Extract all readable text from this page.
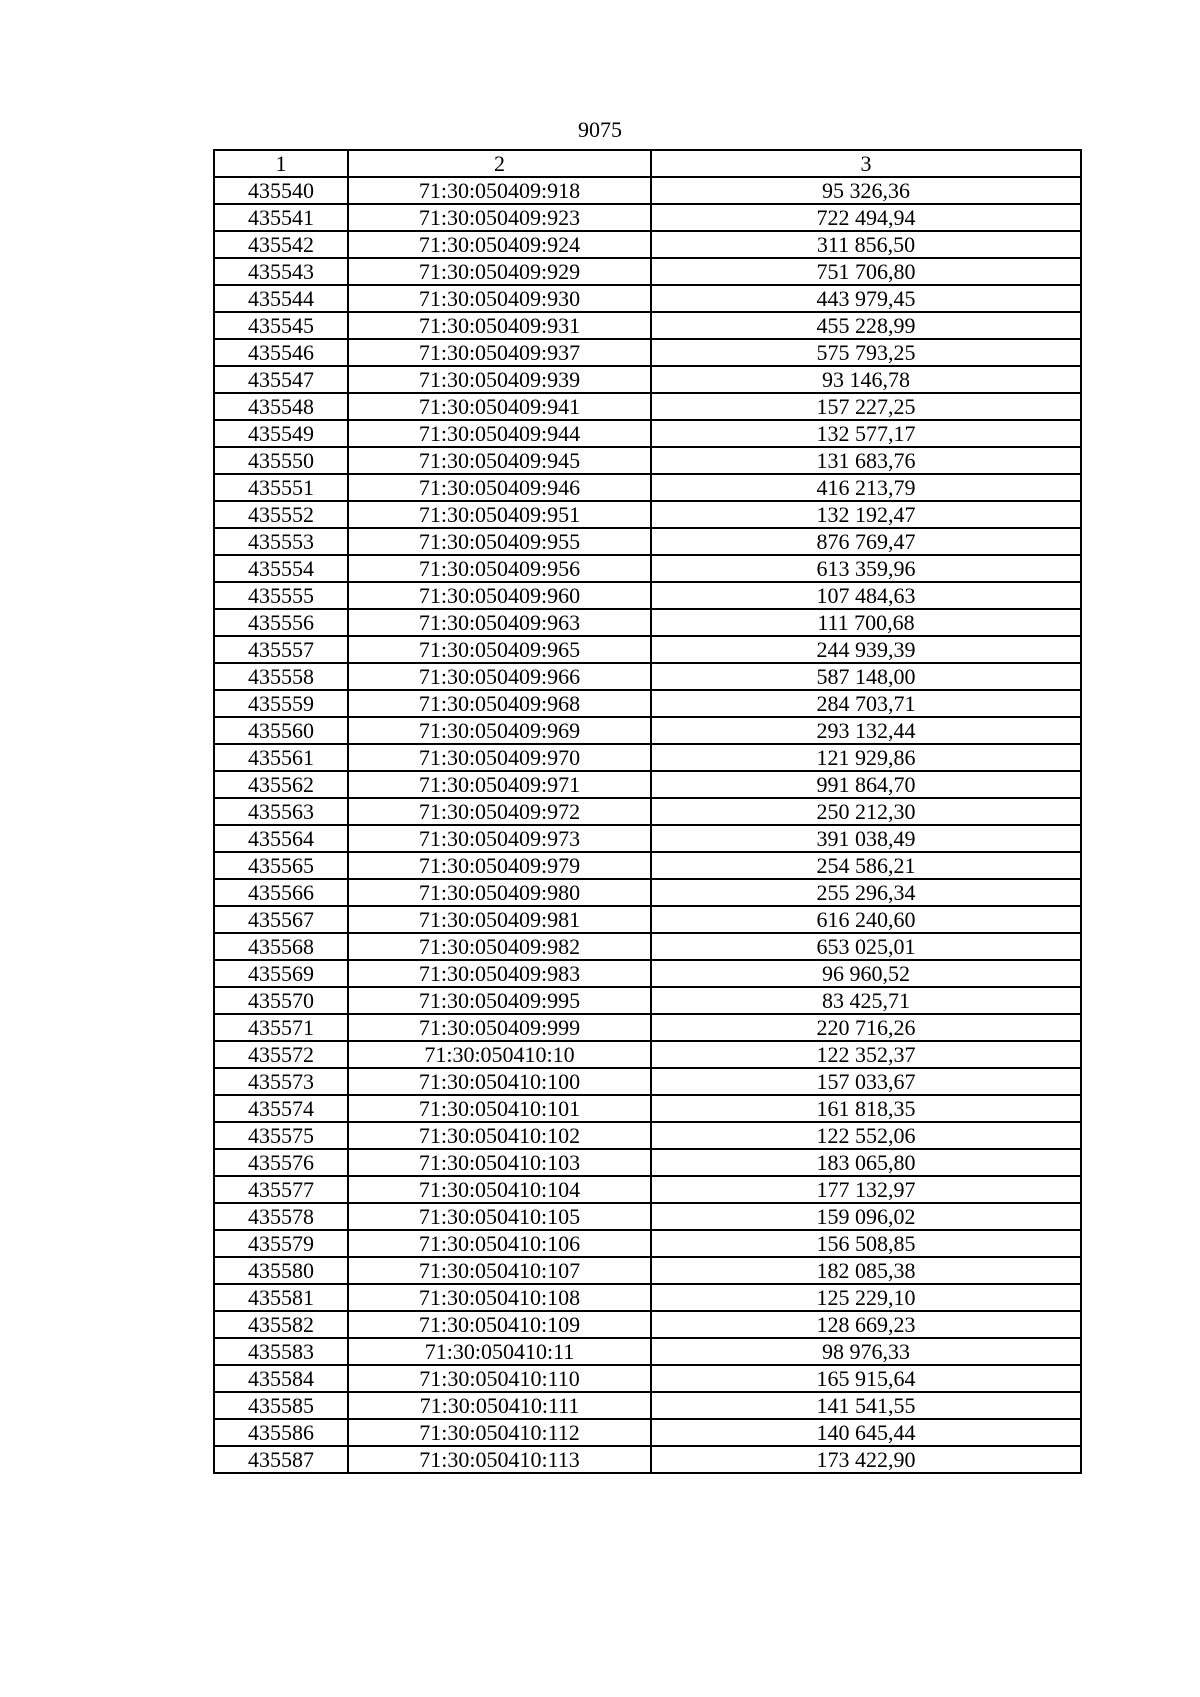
9075
1	2	3
435540	71:30:050409:918	95 326,36
435541	71:30:050409:923	722 494,94
435542	71:30:050409:924	311 856,50
435543	71:30:050409:929	751 706,80
435544	71:30:050409:930	443 979,45
435545	71:30:050409:931	455 228,99
435546	71:30:050409:937	575 793,25
435547	71:30:050409:939	93 146,78
435548	71:30:050409:941	157 227,25
435549	71:30:050409:944	132 577,17
435550	71:30:050409:945	131 683,76
435551	71:30:050409:946	416 213,79
435552	71:30:050409:951	132 192,47
435553	71:30:050409:955	876 769,47
435554	71:30:050409:956	613 359,96
435555	71:30:050409:960	107 484,63
435556	71:30:050409:963	111 700,68
435557	71:30:050409:965	244 939,39
435558	71:30:050409:966	587 148,00
435559	71:30:050409:968	284 703,71
435560	71:30:050409:969	293 132,44
435561	71:30:050409:970	121 929,86
435562	71:30:050409:971	991 864,70
435563	71:30:050409:972	250 212,30
435564	71:30:050409:973	391 038,49
435565	71:30:050409:979	254 586,21
435566	71:30:050409:980	255 296,34
435567	71:30:050409:981	616 240,60
435568	71:30:050409:982	653 025,01
435569	71:30:050409:983	96 960,52
435570	71:30:050409:995	83 425,71
435571	71:30:050409:999	220 716,26
435572	71:30:050410:10	122 352,37
435573	71:30:050410:100	157 033,67
435574	71:30:050410:101	161 818,35
435575	71:30:050410:102	122 552,06
435576	71:30:050410:103	183 065,80
435577	71:30:050410:104	177 132,97
435578	71:30:050410:105	159 096,02
435579	71:30:050410:106	156 508,85
435580	71:30:050410:107	182 085,38
435581	71:30:050410:108	125 229,10
435582	71:30:050410:109	128 669,23
435583	71:30:050410:11	98 976,33
435584	71:30:050410:110	165 915,64
435585	71:30:050410:111	141 541,55
435586	71:30:050410:112	140 645,44
435587	71:30:050410:113	173 422,90
